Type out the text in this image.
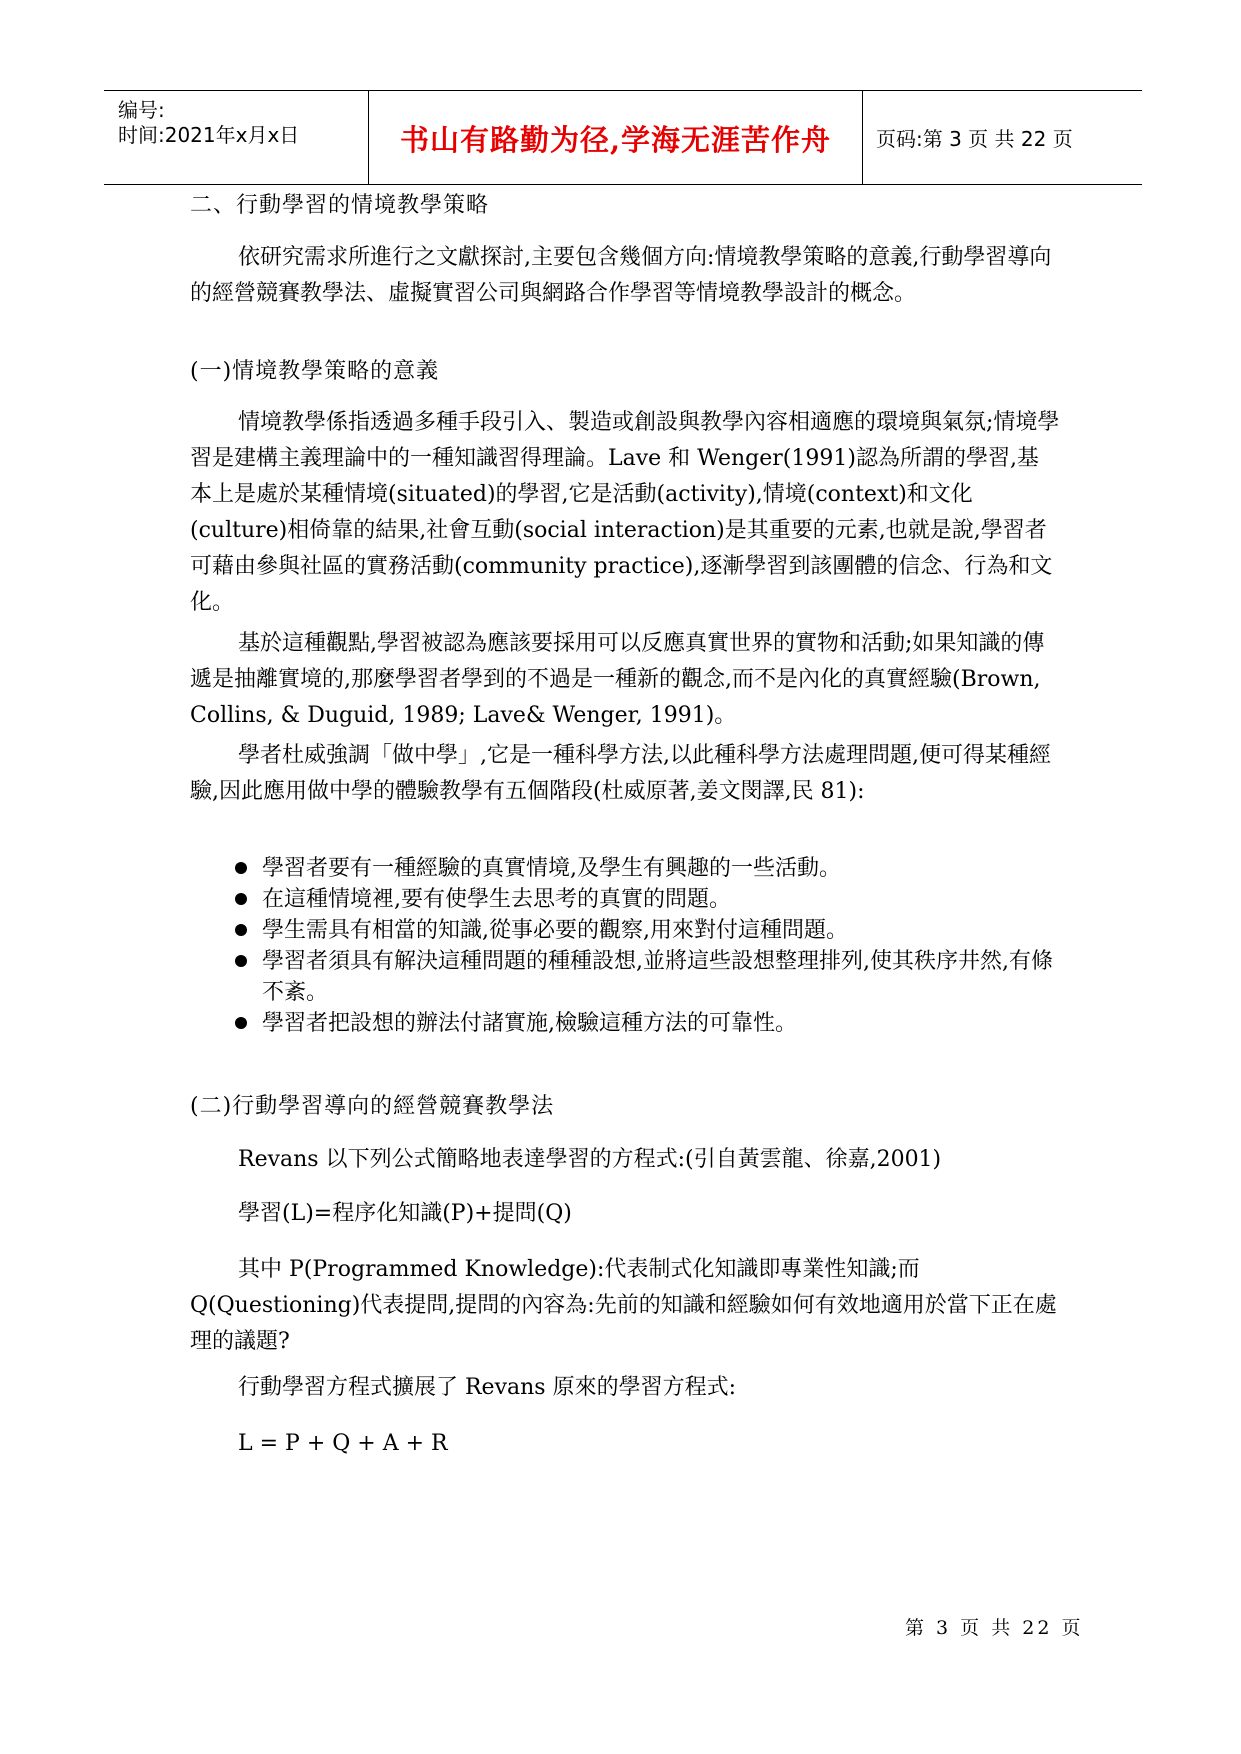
编号:
时间:2021年x月x日	书山有路勤为径,学海无涯苦作舟	页码:第 3 页 共 22 页
二、行動學習的情境教學策略
依研究需求所進行之文獻探討,主要包含幾個方向:情境教學策略的意義,行動學習導向的經營競賽教學法、虛擬實習公司與網路合作學習等情境教學設計的概念。
(一)情境教學策略的意義
情境教學係指透過多種手段引入、製造或創設與教學內容相適應的環境與氣氛;情境學習是建構主義理論中的一種知識習得理論。Lave 和 Wenger(1991)認為所謂的學習,基本上是處於某種情境(situated)的學習,它是活動(activity),情境(context)和文化(culture)相倚靠的結果,社會互動(social interaction)是其重要的元素,也就是說,學習者可藉由參與社區的實務活動(community practice),逐漸學習到該團體的信念、行為和文化。
基於這種觀點,學習被認為應該要採用可以反應真實世界的實物和活動;如果知識的傳遞是抽離實境的,那麼學習者學到的不過是一種新的觀念,而不是內化的真實經驗(Brown, Collins, & Duguid, 1989; Lave& Wenger, 1991)。
學者杜威強調「做中學」,它是一種科學方法,以此種科學方法處理問題,便可得某種經驗,因此應用做中學的體驗教學有五個階段(杜威原著,姜文閔譯,民 81):
學習者要有一種經驗的真實情境,及學生有興趣的一些活動。
在這種情境裡,要有使學生去思考的真實的問題。
學生需具有相當的知識,從事必要的觀察,用來對付這種問題。
學習者須具有解決這種問題的種種設想,並將這些設想整理排列,使其秩序井然,有條不紊。
學習者把設想的辦法付諸實施,檢驗這種方法的可靠性。
(二)行動學習導向的經營競賽教學法
Revans 以下列公式簡略地表達學習的方程式:(引自黃雲龍、徐嘉,2001)
學習(L)=程序化知識(P)+提問(Q)
其中 P(Programmed Knowledge):代表制式化知識即專業性知識;而 Q(Questioning)代表提問,提問的內容為:先前的知識和經驗如何有效地適用於當下正在處理的議題?
行動學習方程式擴展了 Revans 原來的學習方程式:
L = P + Q + A + R
第 3 页 共 22 页
